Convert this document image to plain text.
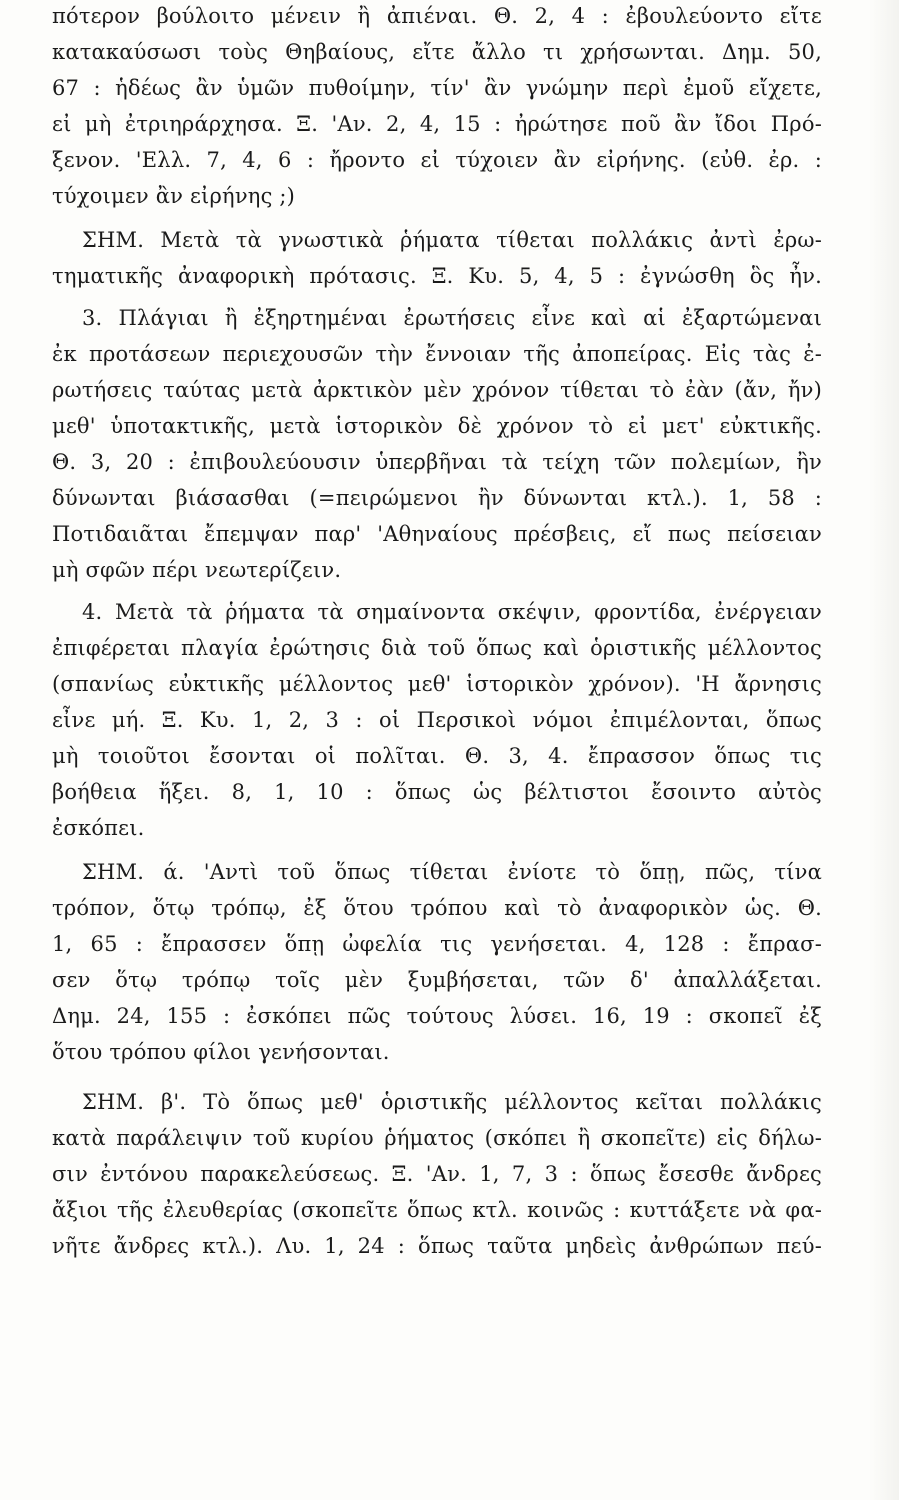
πότερον βούλοιτο μένειν ἢ ἀπιέναι. Θ. 2, 4 : ἐβουλεύοντο εἴτε
κατακαύσωσι τοὺς Θηβαίους, εἴτε ἄλλο τι χρήσωνται. Δημ. 50,
67 : ἡδέως ἂν ὑμῶν πυθοίμην, τίν' ἂν γνώμην περὶ ἐμοῦ εἴχετε,
εἰ μὴ ἐτριηράρχησα. Ξ. 'Αν. 2, 4, 15 : ἠρώτησε ποῦ ἂν ἴδοι Πρό-
ξενον. 'Ελλ. 7, 4, 6 : ἤροντο εἰ τύχοιεν ἂν εἰρήνης. (εὐθ. ἐρ. :
τύχοιμεν ἂν εἰρήνης ;)
ΣΗΜ. Μετὰ τὰ γνωστικὰ ῥήματα τίθεται πολλάκις ἀντὶ ἐρω-
τηματικῆς ἀναφορικὴ πρότασις. Ξ. Κυ. 5, 4, 5 : ἐγνώσθη ὃς ἦν.
3. Πλάγιαι ἢ ἐξηρτημέναι ἐρωτήσεις εἶνε καὶ αἱ ἐξαρτώμεναι
ἐκ προτάσεων περιεχουσῶν τὴν ἔννοιαν τῆς ἀποπείρας. Εἰς τὰς ἐ-
ρωτήσεις ταύτας μετὰ ἀρκτικὸν μὲν χρόνον τίθεται τὸ ἐὰν (ἄν, ἤν)
μεθ' ὑποτακτικῆς, μετὰ ἱστορικὸν δὲ χρόνον τὸ εἰ μετ' εὐκτικῆς.
Θ. 3, 20 : ἐπιβουλεύουσιν ὑπερβῆναι τὰ τείχη τῶν πολεμίων, ἢν
δύνωνται βιάσασθαι (=πειρώμενοι ἢν δύνωνται κτλ.). 1, 58 :
Ποτιδαιᾶται ἔπεμψαν παρ' 'Αθηναίους πρέσβεις, εἴ πως πείσειαν
μὴ σφῶν πέρι νεωτερίζειν.
4. Μετὰ τὰ ῥήματα τὰ σημαίνοντα σκέψιν, φροντίδα, ἐνέργειαν
ἐπιφέρεται πλαγία ἐρώτησις διὰ τοῦ ὅπως καὶ ὁριστικῆς μέλλοντος
(σπανίως εὐκτικῆς μέλλοντος μεθ' ἱστορικὸν χρόνον). 'Η ἄρνησις
εἶνε μή. Ξ. Κυ. 1, 2, 3 : οἱ Περσικοὶ νόμοι ἐπιμέλονται, ὅπως
μὴ τοιοῦτοι ἔσονται οἱ πολῖται. Θ. 3, 4. ἔπρασσον ὅπως τις
βοήθεια ἥξει. 8, 1, 10 : ὅπως ὡς βέλτιστοι ἔσοιντο αὐτὸς
ἐσκόπει.
ΣΗΜ. ά. 'Αντὶ τοῦ ὅπως τίθεται ἐνίοτε τὸ ὅπῃ, πῶς, τίνα
τρόπον, ὅτῳ τρόπῳ, ἐξ ὅτου τρόπου καὶ τὸ ἀναφορικὸν ὡς. Θ.
1, 65 : ἔπρασσεν ὅπῃ ὠφελία τις γενήσεται. 4, 128 : ἔπρασ-
σεν ὅτῳ τρόπῳ τοῖς μὲν ξυμβήσεται, τῶν δ' ἀπαλλάξεται.
Δημ. 24, 155 : ἐσκόπει πῶς τούτους λύσει. 16, 19 : σκοπεῖ ἐξ
ὅτου τρόπου φίλοι γενήσονται.
ΣΗΜ. β'. Τὸ ὅπως μεθ' ὁριστικῆς μέλλοντος κεῖται πολλάκις
κατὰ παράλειψιν τοῦ κυρίου ῥήματος (σκόπει ἢ σκοπεῖτε) εἰς δήλω-
σιν ἐντόνου παρακελεύσεως. Ξ. 'Αν. 1, 7, 3 : ὅπως ἔσεσθε ἄνδρες
ἄξιοι τῆς ἐλευθερίας (σκοπεῖτε ὅπως κτλ. κοινῶς : κυττάξετε νὰ φα-
νῆτε ἄνδρες κτλ.). Λυ. 1, 24 : ὅπως ταῦτα μηδεὶς ἀνθρώπων πεύ-
